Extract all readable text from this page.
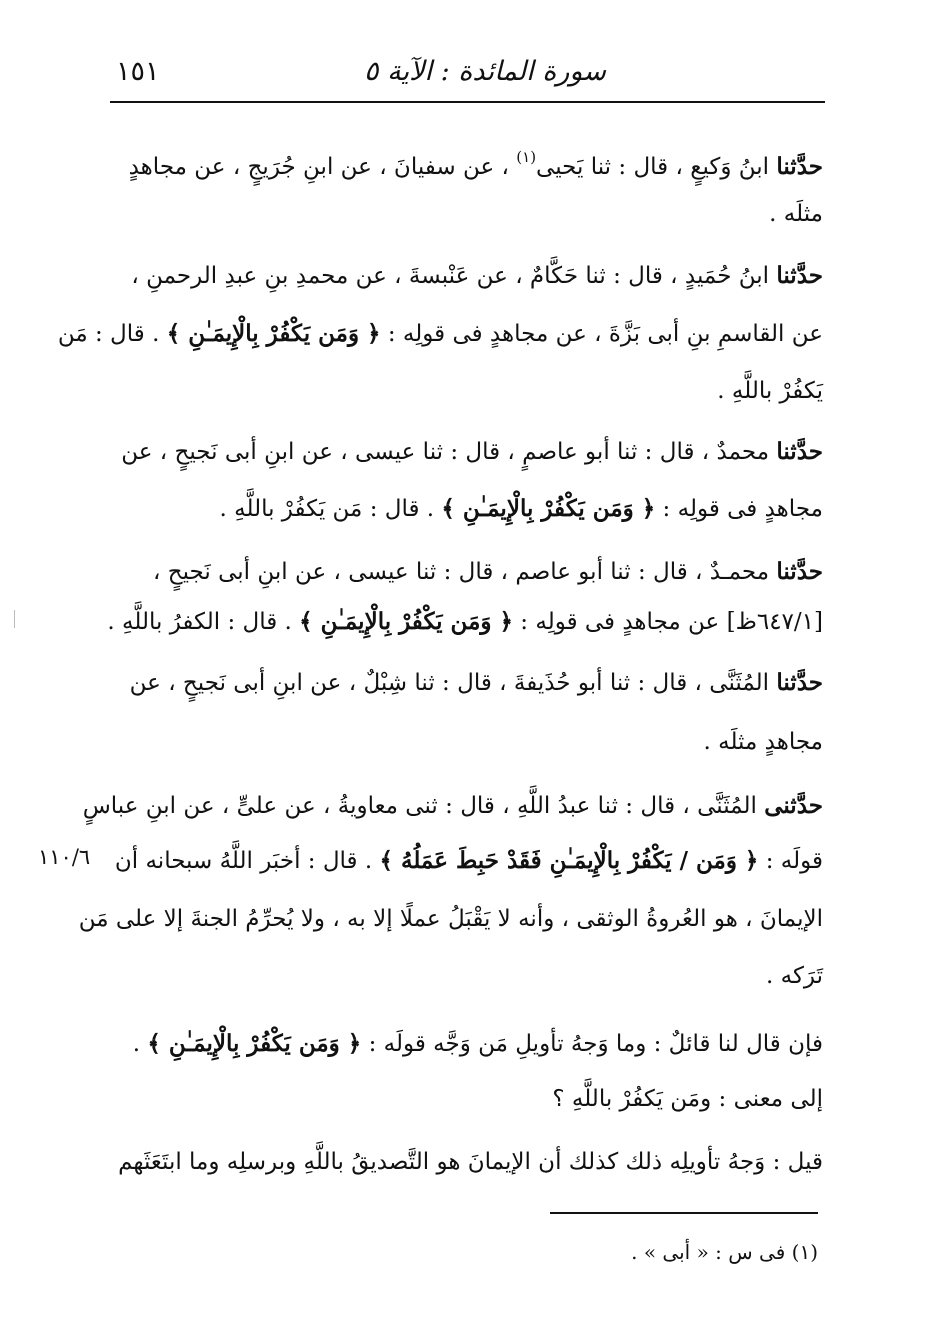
١٥١	سورة المائدة : الآية ٥
حدَّثنا ابنُ وَكيعٍ ، قال : ثنا يَحيى$^{(١)}$ ، عن سفيانَ ، عن ابنِ جُرَيجٍ ، عن مجاهدٍ
مثلَه .
حدَّثنا ابنُ حُمَيدٍ ، قال : ثنا حَكَّامٌ ، عن عَنْبسةَ ، عن محمدِ بنِ عبدِ الرحمنِ ،
عن القاسمِ بنِ أبى بَزَّةَ ، عن مجاهدٍ فى قولِه : ﴿ وَمَن يَكْفُرْ بِالْإِيمَـٰنِ ﴾ . قال : مَن
يَكفُرْ باللَّهِ .
حدَّثنا محمدٌ ، قال : ثنا أبو عاصمٍ ، قال : ثنا عيسى ، عن ابنِ أبى نَجيحٍ ، عن
مجاهدٍ فى قولِه : ﴿ وَمَن يَكْفُرْ بِالْإِيمَـٰنِ ﴾ . قال : مَن يَكفُرْ باللَّهِ .
حدَّثنا محمـدٌ ، قال : ثنا أبو عاصم ، قال : ثنا عيسى ، عن ابنِ أبى نَجيحٍ ،
[٦٤٧/١ظ] عن مجاهدٍ فى قولِه : ﴿ وَمَن يَكْفُرْ بِالْإِيمَـٰنِ ﴾ . قال : الكفرُ باللَّهِ .
حدَّثنا المُثَنَّى ، قال : ثنا أبو حُذَيفةَ ، قال : ثنا شِبْلٌ ، عن ابنِ أبى نَجيحٍ ، عن
مجاهدٍ مثلَه .
حدَّثنى المُثَنَّى ، قال : ثنا عبدُ اللَّهِ ، قال : ثنى معاويةُ ، عن علىٍّ ، عن ابنِ عباسٍ
قولَه : ﴿ وَمَن / يَكْفُرْ بِالْإِيمَـٰنِ فَقَدْ حَبِطَ عَمَلُهُ ﴾ . قال : أخبَر اللَّهُ سبحانه أن
١١٠/٦
الإيمانَ ، هو العُروةُ الوثقى ، وأنه لا يَقْبَلُ عملًا إلا به ، ولا يُحرِّمُ الجنةَ إلا على مَن
تَرَكه .
فإن قال لنا قائلٌ : وما وَجهُ تأويلِ مَن وَجَّه قولَه : ﴿ وَمَن يَكْفُرْ بِالْإِيمَـٰنِ ﴾ .
إلى معنى : ومَن يَكفُرْ باللَّهِ ؟
قيل : وَجهُ تأويلِه ذلك كذلك أن الإيمانَ هو التَّصديقُ باللَّهِ وبرسلِه وما ابتَعَثَهم
(١) فى س : « أبى » .
